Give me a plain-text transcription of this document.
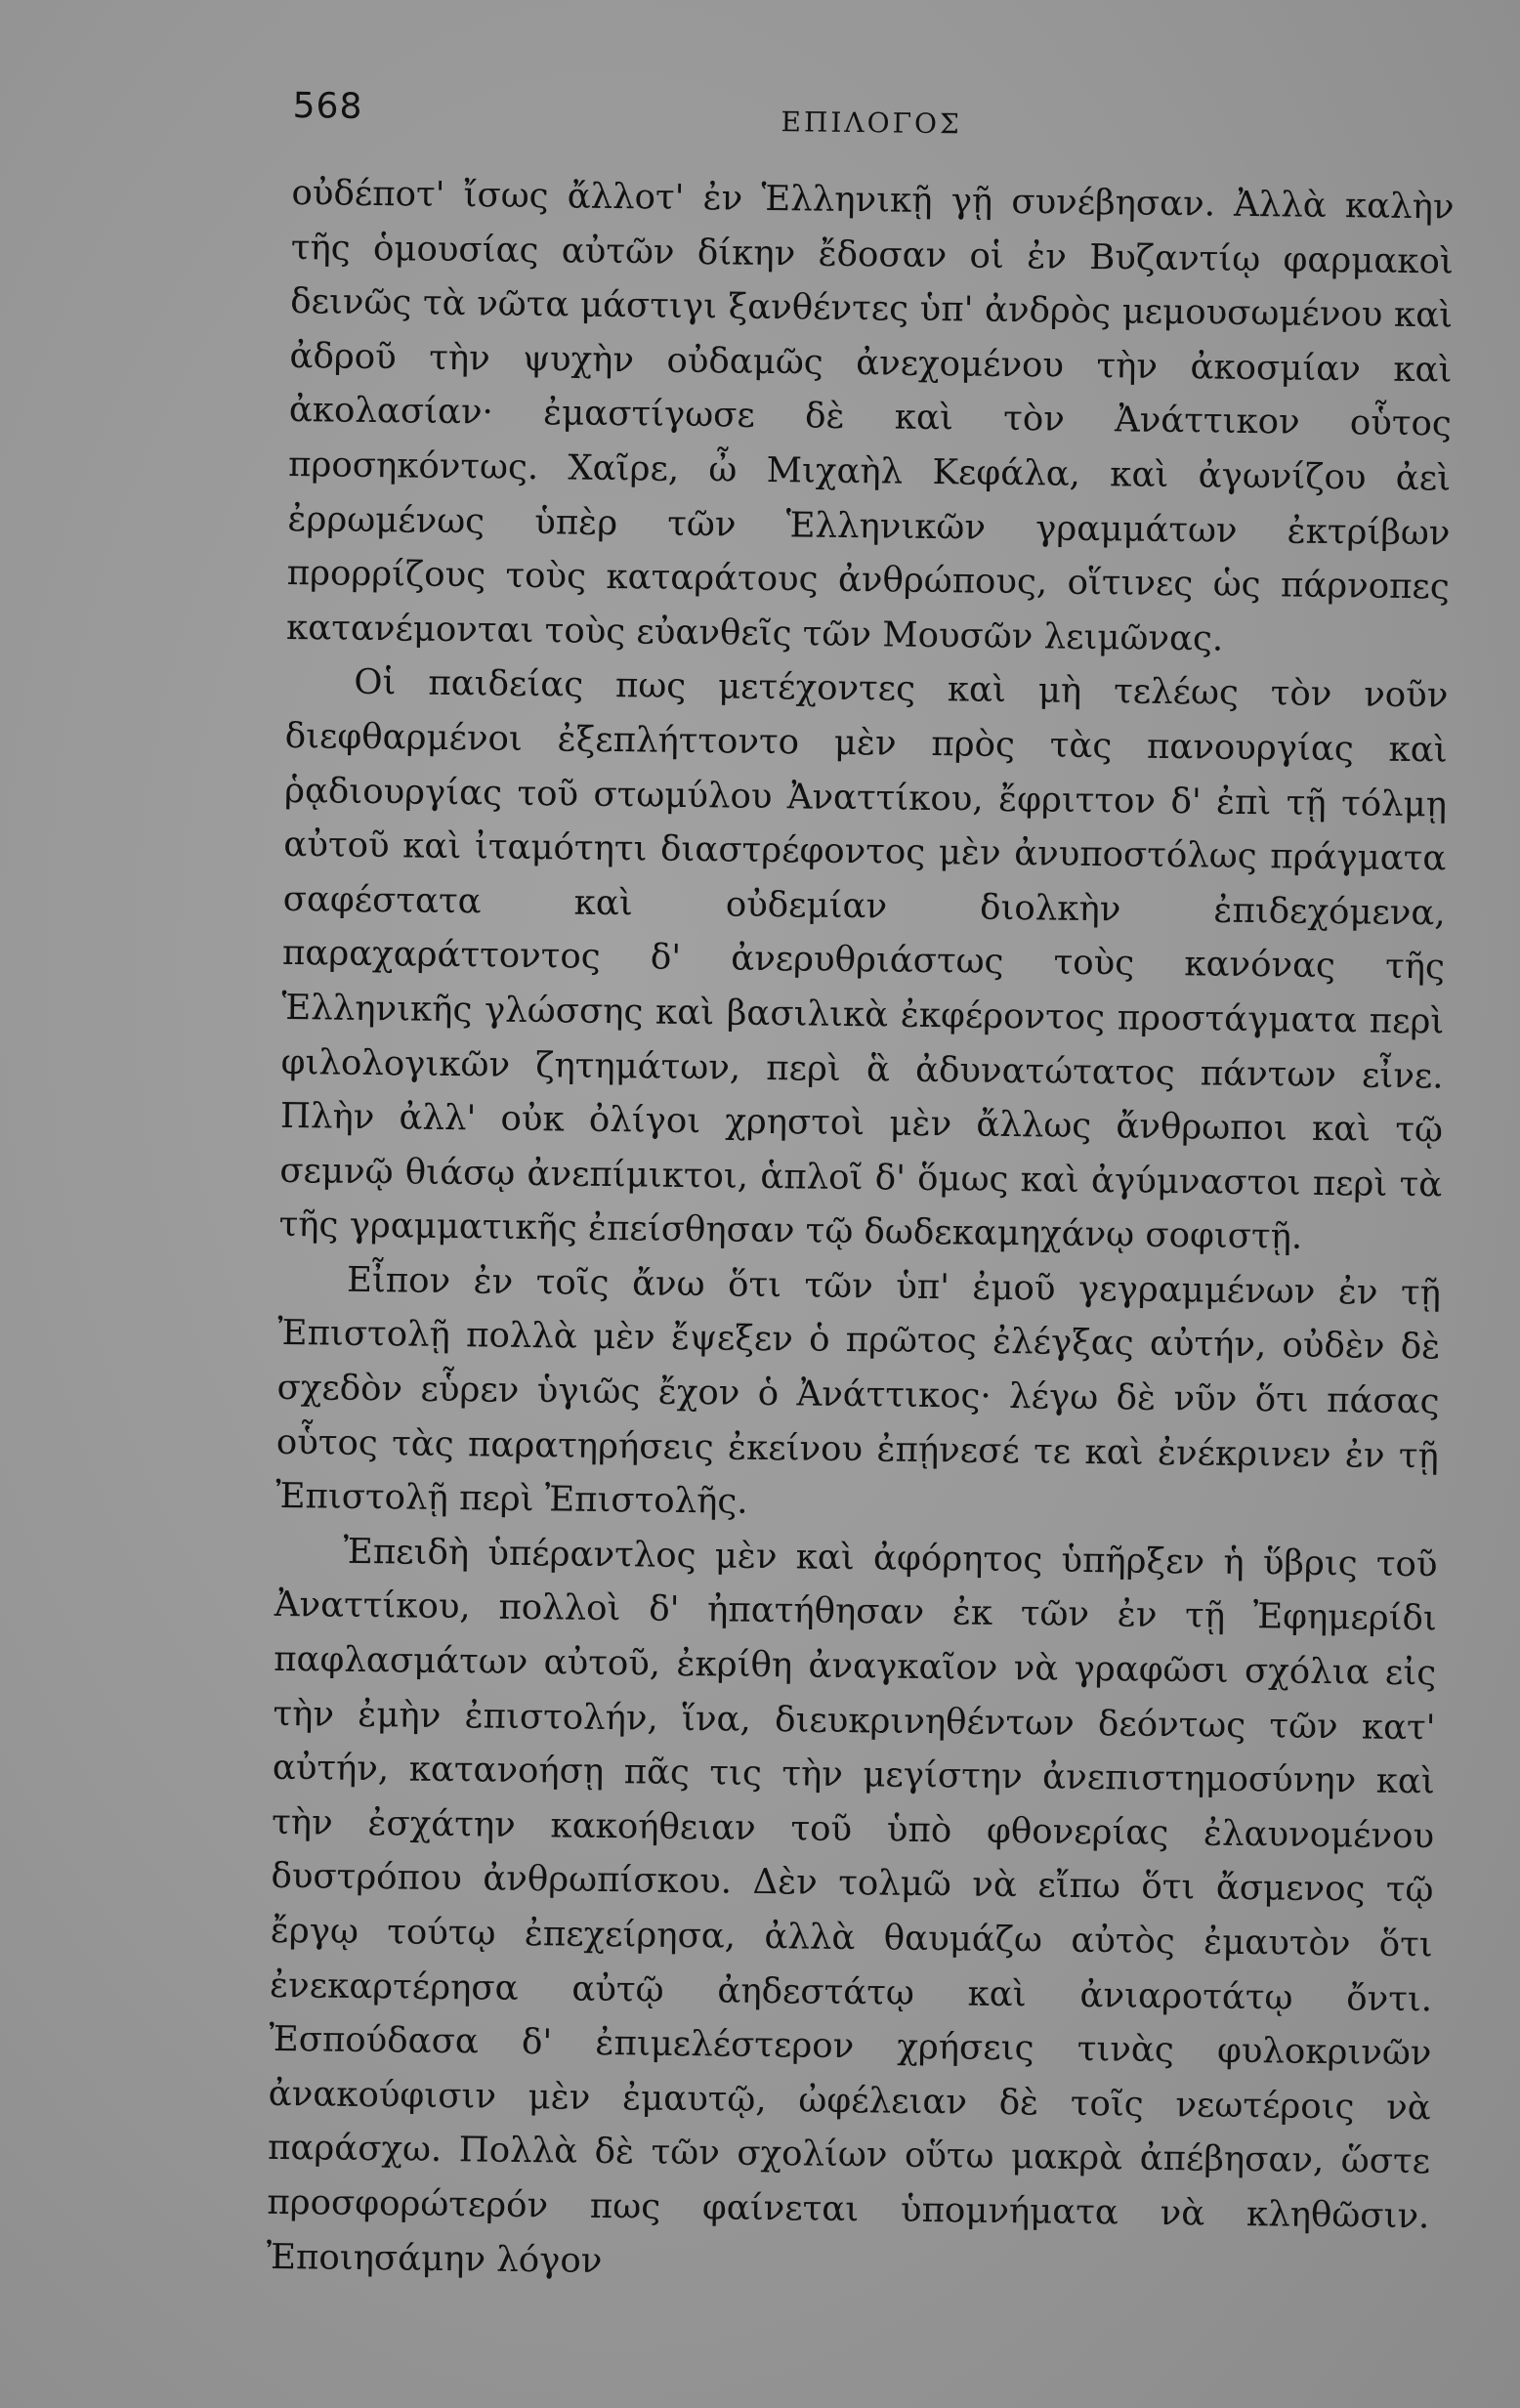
568	ΕΠΙΛΟΓΟΣ

οὐδέποτ' ἴσως ἄλλοτ' ἐν Ἑλληνικῇ γῇ συνέβησαν. Ἀλλὰ καλὴν τῆς ὁμουσίας αὐτῶν δίκην ἔδοσαν οἱ ἐν Βυζαντίῳ φαρμακοὶ δεινῶς τὰ νῶτα μάστιγι ξανθέντες ὑπ' ἀνδρὸς μεμουσωμένου καὶ ἀδροῦ τὴν ψυχὴν οὐδαμῶς ἀνεχομένου τὴν ἀκοσμίαν καὶ ἀκολασίαν· ἐμαστίγωσε δὲ καὶ τὸν Ἀνάττικον οὗτος προσηκόντως. Χαῖρε, ὦ Μιχαὴλ Κεφάλα, καὶ ἀγωνίζου ἀεὶ ἐρρωμένως ὑπὲρ τῶν Ἑλληνικῶν γραμμάτων ἐκτρίβων προρρίζους τοὺς καταράτους ἀνθρώπους, οἵτινες ὡς πάρνοπες κατανέμονται τοὺς εὐανθεῖς τῶν Μουσῶν λειμῶνας.

Οἱ παιδείας πως μετέχοντες καὶ μὴ τελέως τὸν νοῦν διεφθαρμένοι ἐξεπλήττοντο μὲν πρὸς τὰς πανουργίας καὶ ῥᾳδιουργίας τοῦ στωμύλου Ἀναττίκου, ἔφριττον δ' ἐπὶ τῇ τόλμῃ αὐτοῦ καὶ ἰταμότητι διαστρέφοντος μὲν ἀνυποστόλως πράγματα σαφέστατα καὶ οὐδεμίαν διολκὴν ἐπιδεχόμενα, παραχαράττοντος δ' ἀνερυθριάστως τοὺς κανόνας τῆς Ἑλληνικῆς γλώσσης καὶ βασιλικὰ ἐκφέροντος προστάγματα περὶ φιλολογικῶν ζητημάτων, περὶ ἃ ἀδυνατώτατος πάντων εἶνε. Πλὴν ἀλλ' οὐκ ὀλίγοι χρηστοὶ μὲν ἄλλως ἄνθρωποι καὶ τῷ σεμνῷ θιάσῳ ἀνεπίμικτοι, ἁπλοῖ δ' ὅμως καὶ ἀγύμναστοι περὶ τὰ τῆς γραμματικῆς ἐπείσθησαν τῷ δωδεκαμηχάνῳ σοφιστῇ.

Εἶπον ἐν τοῖς ἄνω ὅτι τῶν ὑπ' ἐμοῦ γεγραμμένων ἐν τῇ Ἐπιστολῇ πολλὰ μὲν ἔψεξεν ὁ πρῶτος ἐλέγξας αὐτήν, οὐδὲν δὲ σχεδὸν εὗρεν ὑγιῶς ἔχον ὁ Ἀνάττικος· λέγω δὲ νῦν ὅτι πάσας οὗτος τὰς παρατηρήσεις ἐκείνου ἐπῄνεσέ τε καὶ ἐνέκρινεν ἐν τῇ Ἐπιστολῇ περὶ Ἐπιστολῆς.

Ἐπειδὴ ὑπέραντλος μὲν καὶ ἀφόρητος ὑπῆρξεν ἡ ὕβρις τοῦ Ἀναττίκου, πολλοὶ δ' ἠπατήθησαν ἐκ τῶν ἐν τῇ Ἐφημερίδι παφλασμάτων αὐτοῦ, ἐκρίθη ἀναγκαῖον νὰ γραφῶσι σχόλια εἰς τὴν ἐμὴν ἐπιστολήν, ἵνα, διευκρινηθέντων δεόντως τῶν κατ' αὐτήν, κατανοήσῃ πᾶς τις τὴν μεγίστην ἀνεπιστημοσύνην καὶ τὴν ἐσχάτην κακοήθειαν τοῦ ὑπὸ φθονερίας ἐλαυνομένου δυστρόπου ἀνθρωπίσκου. Δὲν τολμῶ νὰ εἴπω ὅτι ἄσμενος τῷ ἔργῳ τούτῳ ἐπεχείρησα, ἀλλὰ θαυμάζω αὐτὸς ἐμαυτὸν ὅτι ἐνεκαρτέρησα αὐτῷ ἀηδεστάτῳ καὶ ἀνιαροτάτῳ ὄντι. Ἐσπούδασα δ' ἐπιμελέστερον χρήσεις τινὰς φυλοκρινῶν ἀνακούφισιν μὲν ἐμαυτῷ, ὠφέλειαν δὲ τοῖς νεωτέροις νὰ παράσχω. Πολλὰ δὲ τῶν σχολίων οὕτω μακρὰ ἀπέβησαν, ὥστε προσφορώτερόν πως φαίνεται ὑπομνήματα νὰ κληθῶσιν. Ἐποιησάμην λόγον
